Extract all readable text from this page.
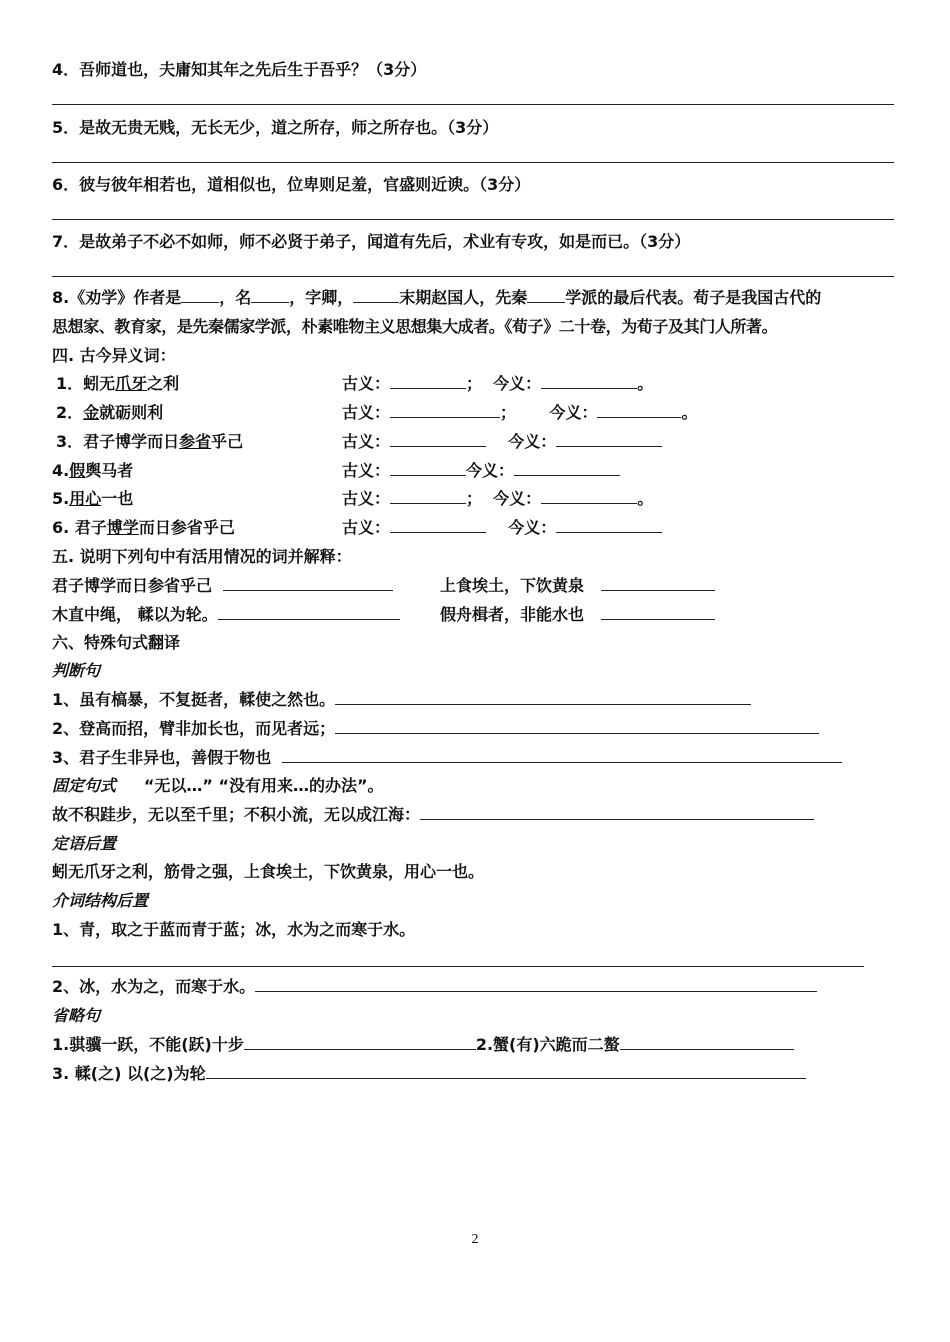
4．吾师道也，夫庸知其年之先后生于吾乎？（3分）
5．是故无贵无贱，无长无少，道之所存，师之所存也。（3分）
6．彼与彼年相若也，道相似也，位卑则足羞，官盛则近谀。（3分）
7．是故弟子不必不如师，师不必贤于弟子，闻道有先后，术业有专攻，如是而已。（3分）
8.《劝学》作者是 ，名 ，字卿，	末期赵国人，先秦 学派的最后代表。荀子是我国古代的
思想家、教育家，是先秦儒家学派，朴素唯物主义思想集大成者。《荀子》二十卷，为荀子及其门人所著。
四. 古今异义词：
1．蚓无爪牙之利	古义：	；  今义：	。
2．金就砺则利	古义：	；      今义：	。
3．君子博学而日参省乎己	古义：	今义：
4.假舆马者	古义：	今义：
5.用心一也	古义：	；  今义：	。
6. 君子博学而日参省乎己	古义：	今义：
五. 说明下列句中有活用情况的词并解释：
君子博学而日参省乎己	上食埃土，下饮黄泉
木直中绳， 輮以为轮。	假舟楫者，非能水也
六、特殊句式翻译
判断句
1、虽有槁暴，不复挺者，輮使之然也。
2、登高而招，臂非加长也，而见者远；
3、君子生非异也，善假于物也
固定句式 “无以…” “没有用来…的办法”。
故不积跬步，无以至千里；不积小流，无以成江海：
定语后置
蚓无爪牙之利，筋骨之强，上食埃土，下饮黄泉，用心一也。
介词结构后置
1、青，取之于蓝而青于蓝；冰，水为之而寒于水。
2、冰，水为之，而寒于水。
省略句
1.骐骥一跃，不能(跃)十步	2.蟹(有)六跪而二螯
3. 輮(之) 以(之)为轮
2
